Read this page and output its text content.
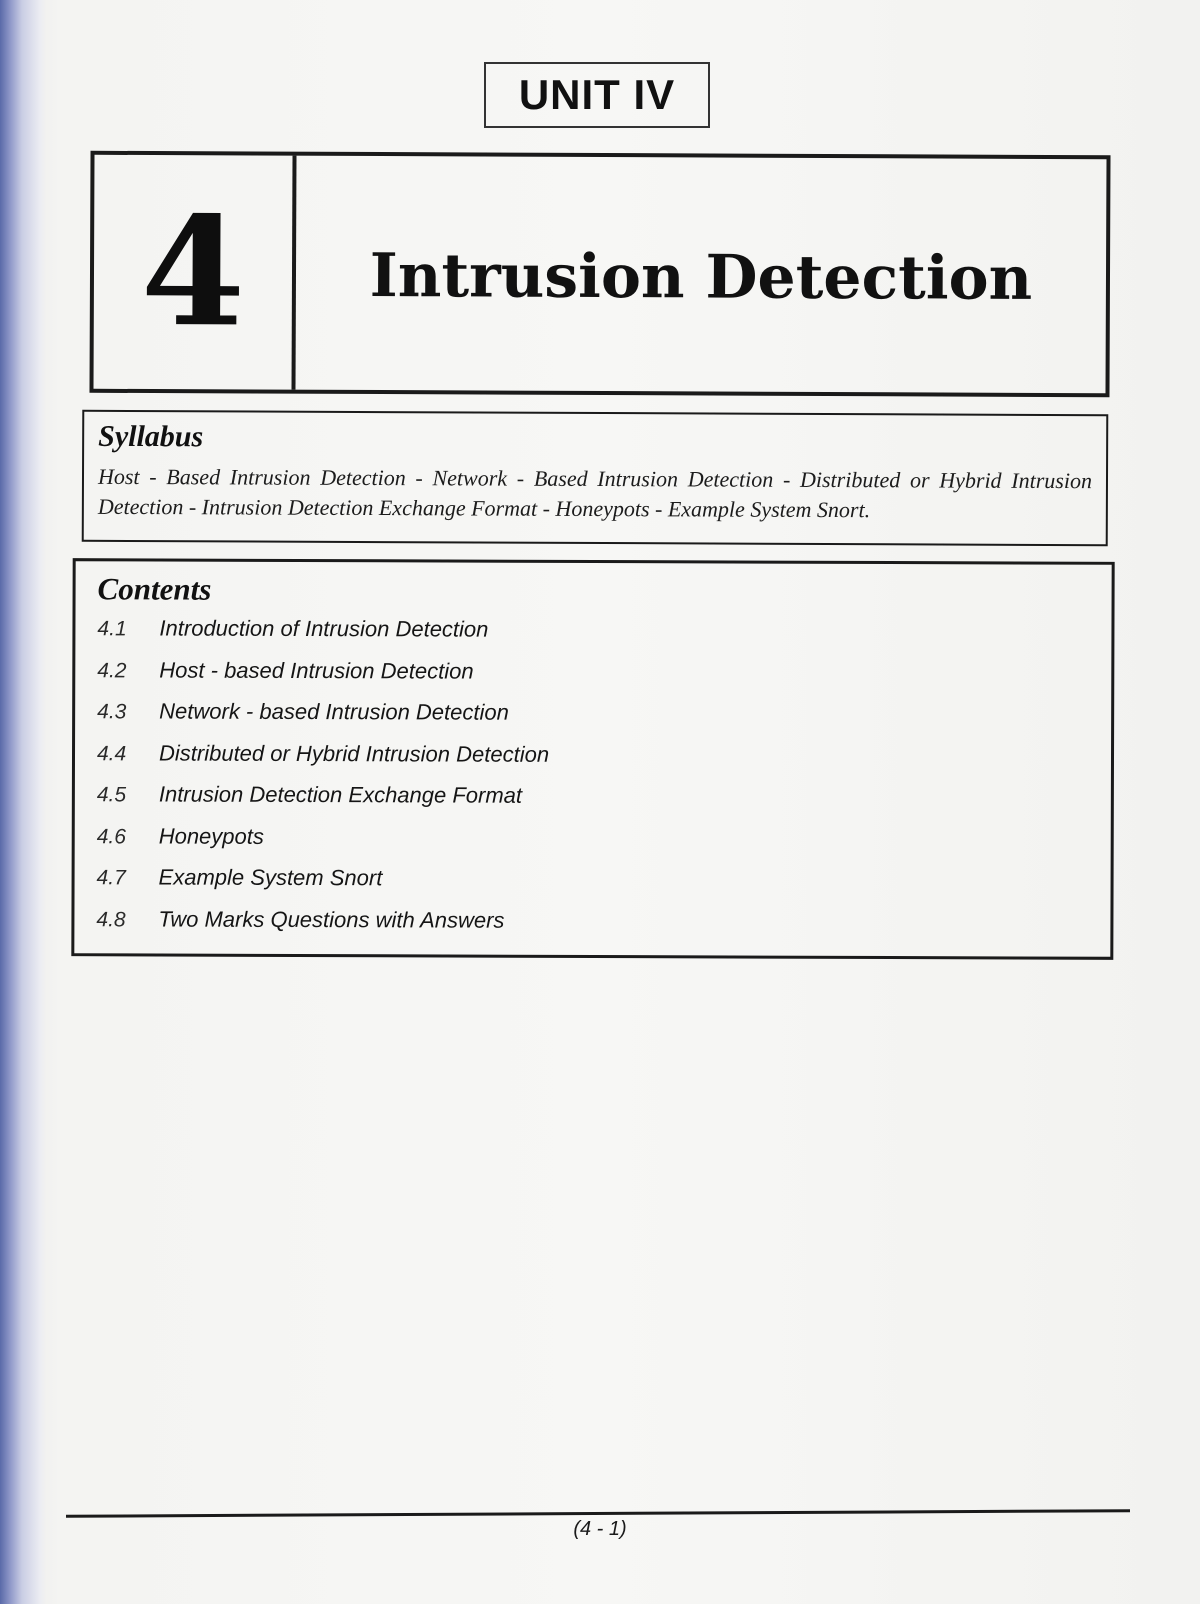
UNIT IV
4	Intrusion Detection
Syllabus
Host - Based Intrusion Detection - Network - Based Intrusion Detection - Distributed or Hybrid Intrusion Detection - Intrusion Detection Exchange Format - Honeypots - Example System Snort.
Contents
4.1	Introduction of Intrusion Detection
4.2	Host - based Intrusion Detection
4.3	Network - based Intrusion Detection
4.4	Distributed or Hybrid Intrusion Detection
4.5	Intrusion Detection Exchange Format
4.6	Honeypots
4.7	Example System Snort
4.8	Two Marks Questions with Answers
(4 - 1)
